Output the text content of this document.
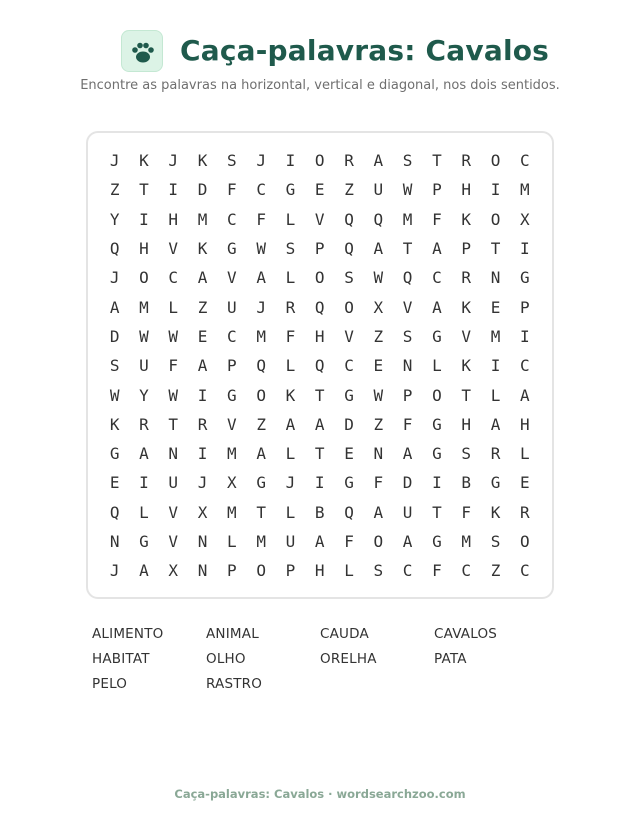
Caça-palavras: Cavalos
Encontre as palavras na horizontal, vertical e diagonal, nos dois sentidos.
J	K	J	K	S	J	I	O	R	A	S	T	R	O	C
Z	T	I	D	F	C	G	E	Z	U	W	P	H	I	M
Y	I	H	M	C	F	L	V	Q	Q	M	F	K	O	X
Q	H	V	K	G	W	S	P	Q	A	T	A	P	T	I
J	O	C	A	V	A	L	O	S	W	Q	C	R	N	G
A	M	L	Z	U	J	R	Q	O	X	V	A	K	E	P
D	W	W	E	C	M	F	H	V	Z	S	G	V	M	I
S	U	F	A	P	Q	L	Q	C	E	N	L	K	I	C
W	Y	W	I	G	O	K	T	G	W	P	O	T	L	A
K	R	T	R	V	Z	A	A	D	Z	F	G	H	A	H
G	A	N	I	M	A	L	T	E	N	A	G	S	R	L
E	I	U	J	X	G	J	I	G	F	D	I	B	G	E
Q	L	V	X	M	T	L	B	Q	A	U	T	F	K	R
N	G	V	N	L	M	U	A	F	O	A	G	M	S	O
J	A	X	N	P	O	P	H	L	S	C	F	C	Z	C
ALIMENTO	ANIMAL	CAUDA	CAVALOS
HABITAT	OLHO	ORELHA	PATA
PELO	RASTRO
Caça-palavras: Cavalos · wordsearchzoo.com
